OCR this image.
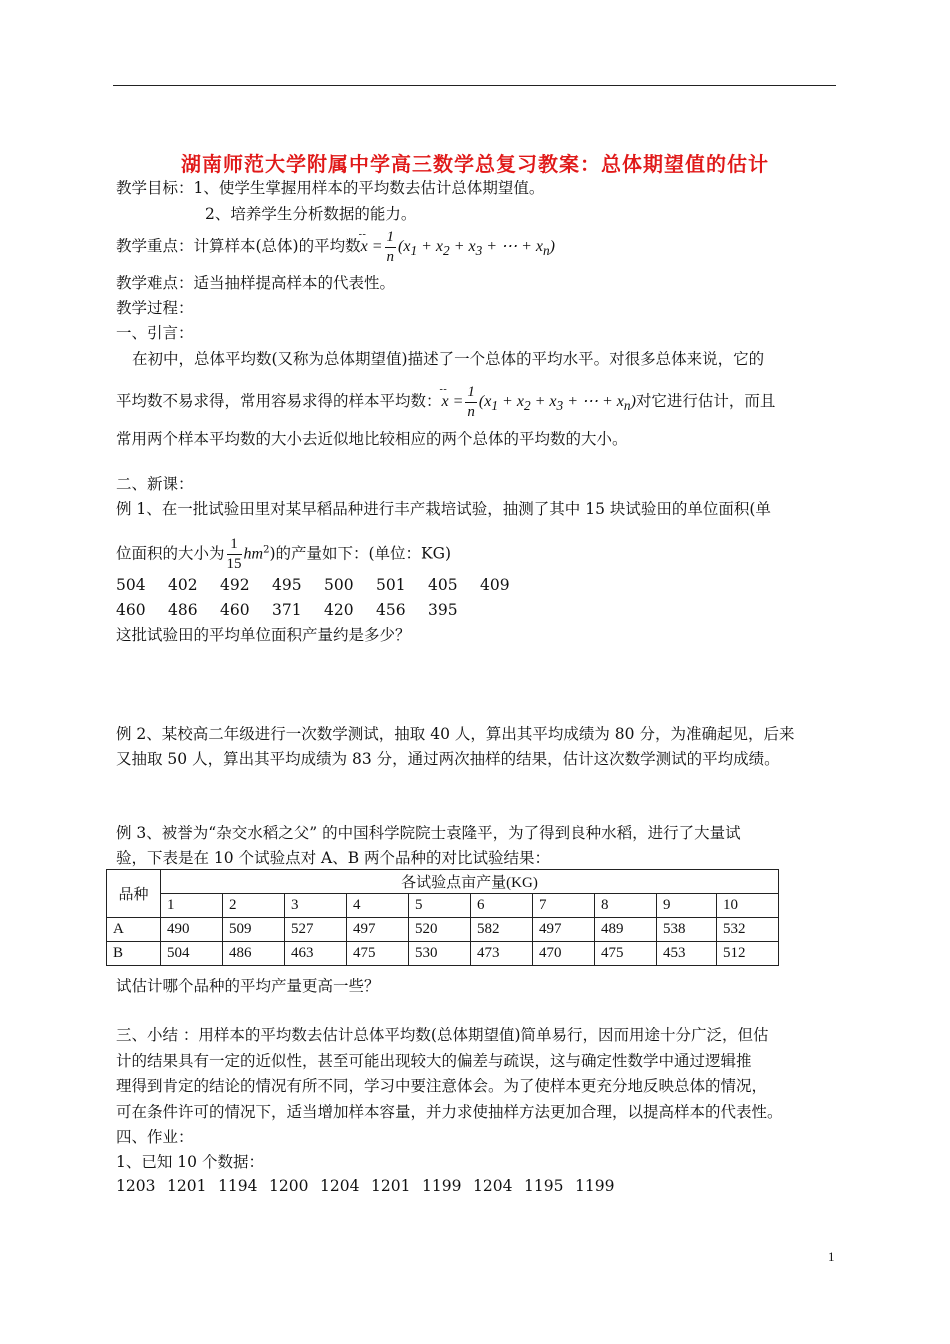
湖南师范大学附属中学高三数学总复习教案：总体期望值的估计
教学目标：1、使学生掌握用样本的平均数去估计总体期望值。
2、培养学生分析数据的能力。
教学重点：计算样本(总体)的平均数- - $x = \frac{1}{n} (x_1 + x_2 + x_3$ + ⋯ + $x_n$)
教学难点：适当抽样提高样本的代表性。
教学过程：
一、引言：
在初中，总体平均数(又称为总体期望值)描述了一个总体的平均水平。对很多总体来说，它的
平均数不易求得，常用容易求得的样本平均数：- - $x = \frac{1}{n} (x_1 + x_2 + x_3$ + ⋯ + $x_n$)对它进行估计，而且
常用两个样本平均数的大小去近似地比较相应的两个总体的平均数的大小。
二、新课：
例 1、在一批试验田里对某早稻品种进行丰产栽培试验，抽测了其中 15 块试验田的单位面积(单
位面积的大小为 $\frac{1}{15} hm^2$)的产量如下：(单位：KG)
504 402 492 495 500 501 405 409
460 486 460 371 420 456 395
这批试验田的平均单位面积产量约是多少？
例 2、某校高二年级进行一次数学测试，抽取 40 人，算出其平均成绩为 80 分，为准确起见，后来
又抽取 50 人，算出其平均成绩为 83 分，通过两次抽样的结果，估计这次数学测试的平均成绩。
例 3、被誉为“杂交水稻之父” 的中国科学院院士袁隆平，为了得到良种水稻，进行了大量试
验，下表是在 10 个试验点对 A、B 两个品种的对比试验结果：
品种	各试验点亩产量(KG)									
	1	2	3	4	5	6	7	8	9	10
A	490	509	527	497	520	582	497	489	538	532
B	504	486	463	475	530	473	470	475	453	512
试估计哪个品种的平均产量更高一些？
三、小结 ：用样本的平均数去估计总体平均数(总体期望值)简单易行，因而用途十分广泛，但估
计的结果具有一定的近似性，甚至可能出现较大的偏差与疏误，这与确定性数学中通过逻辑推
理得到肯定的结论的情况有所不同，学习中要注意体会。为了使样本更充分地反映总体的情况，
可在条件许可的情况下，适当增加样本容量，并力求使抽样方法更加合理，以提高样本的代表性。
四、作业：
1、已知 10 个数据：
1203 1201 1194 1200 1204 1201 1199 1204 1195 1199
1
